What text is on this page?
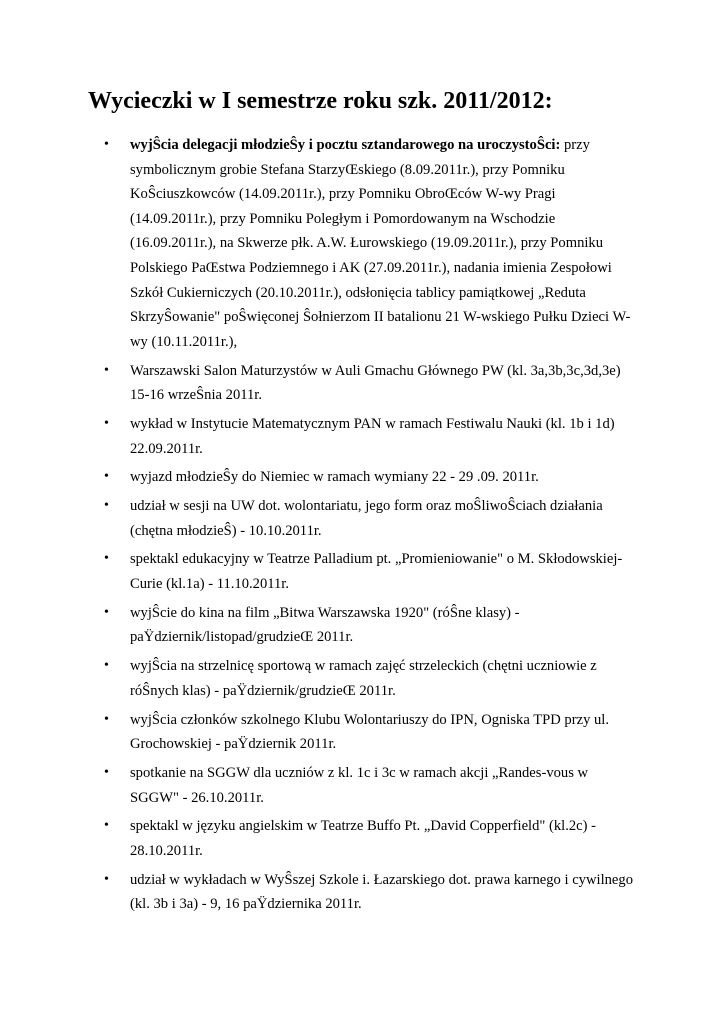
Wycieczki w I semestrze roku szk. 2011/2012:
• wyjŜcia delegacji młodzieŜy i pocztu sztandarowego na uroczystoŜci: przy
symbolicznym grobie Stefana StarzyŒskiego (8.09.2011r.), przy Pomniku
KoŜciuszkowców (14.09.2011r.), przy Pomniku ObroŒców W-wy Pragi
(14.09.2011r.), przy Pomniku Poległym i Pomordowanym na Wschodzie
(16.09.2011r.), na Skwerze płk. A.W. Łurowskiego (19.09.2011r.), przy Pomniku
Polskiego PaŒstwa Podziemnego i AK (27.09.2011r.), nadania imienia Zespołowi
Szkół Cukierniczych (20.10.2011r.), odsłonięcia tablicy pamiątkowej „Reduta
SkrzyŜowanie" poŜwięconej Ŝołnierzom II batalionu 21 W-wskiego Pułku Dzieci W-
wy (10.11.2011r.),
• Warszawski Salon Maturzystów w Auli Gmachu Głównego PW (kl. 3a,3b,3c,3d,3e)
15-16 wrzeŜnia 2011r.
• wykład w Instytucie Matematycznym PAN w ramach Festiwalu Nauki (kl. 1b i 1d)
22.09.2011r.
• wyjazd młodzieŜy do Niemiec w ramach wymiany 22 - 29 .09. 2011r.
• udział w sesji na UW dot. wolontariatu, jego form oraz moŜliwoŜciach działania
(chętna młodzieŜ) - 10.10.2011r.
• spektakl edukacyjny w Teatrze Palladium pt. „Promieniowanie" o M. Skłodowskiej-
Curie (kl.1a) - 11.10.2011r.
• wyjŜcie do kina na film „Bitwa Warszawska 1920" (róŜne klasy) -
paŸdziernik/listopad/grudzieŒ 2011r.
• wyjŜcia na strzelnicę sportową w ramach zajęć strzeleckich (chętni uczniowie z
róŜnych klas) - paŸdziernik/grudzieŒ 2011r.
• wyjŜcia członków szkolnego Klubu Wolontariuszy do IPN, Ogniska TPD przy ul.
Grochowskiej - paŸdziernik 2011r.
• spotkanie na SGGW dla uczniów z kl. 1c i 3c w ramach akcji „Randes-vous w
SGGW" - 26.10.2011r.
• spektakl w języku angielskim w Teatrze Buffo Pt. „David Copperfield" (kl.2c) -
28.10.2011r.
• udział w wykładach w WyŜszej Szkole i. Łazarskiego dot. prawa karnego i cywilnego
(kl. 3b i 3a) - 9, 16 paŸdziernika 2011r.
